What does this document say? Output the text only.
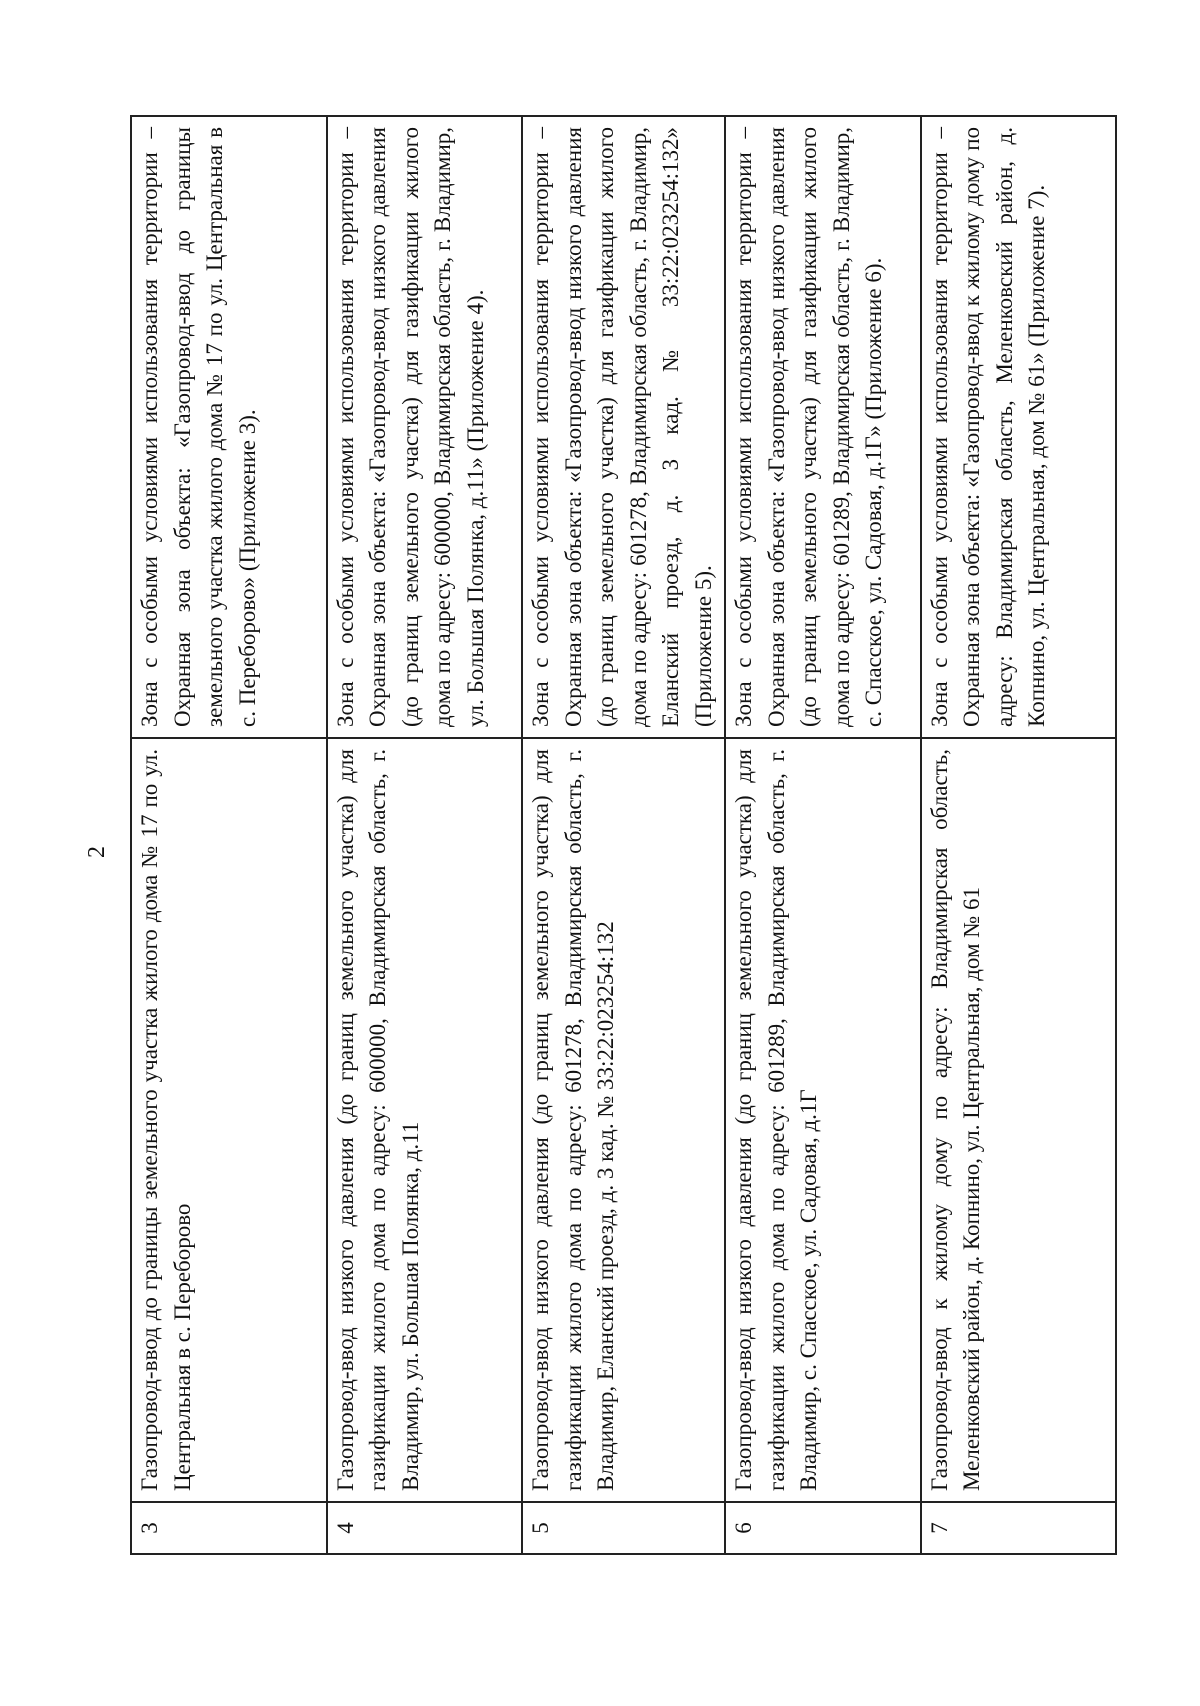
2
3	Газопровод-ввод до границы земельного участка жилого дома № 17 по ул. Центральная в с. Переборово	Зона с особыми условиями использования территории – Охранная зона объекта: «Газопровод-ввод до границы земельного участка жилого дома № 17 по ул. Центральная в с. Переборово» (Приложение 3).
4	Газопровод-ввод низкого давления (до границ земельного участка) для газификации жилого дома по адресу: 600000, Владимирская область, г. Владимир, ул. Большая Полянка, д.11	Зона с особыми условиями использования территории – Охранная зона объекта: «Газопровод-ввод низкого давления (до границ земельного участка) для газификации жилого дома по адресу: 600000, Владимирская область, г. Владимир, ул. Большая Полянка, д.11» (Приложение 4).
5	Газопровод-ввод низкого давления (до границ земельного участка) для газификации жилого дома по адресу: 601278, Владимирская область, г. Владимир, Еланский проезд, д. 3 кад. № 33:22:023254:132	Зона с особыми условиями использования территории – Охранная зона объекта: «Газопровод-ввод низкого давления (до границ земельного участка) для газификации жилого дома по адресу: 601278, Владимирская область, г. Владимир, Еланский проезд, д. 3 кад. № 33:22:023254:132» (Приложение 5).
6	Газопровод-ввод низкого давления (до границ земельного участка) для газификации жилого дома по адресу: 601289, Владимирская область, г. Владимир, с. Спасское, ул. Садовая, д.1Г	Зона с особыми условиями использования территории – Охранная зона объекта: «Газопровод-ввод низкого давления (до границ земельного участка) для газификации жилого дома по адресу: 601289, Владимирская область, г. Владимир, с. Спасское, ул. Садовая, д.1Г» (Приложение 6).
7	Газопровод-ввод к жилому дому по адресу: Владимирская область, Меленковский район, д. Копнино, ул. Центральная, дом № 61	Зона с особыми условиями использования территории – Охранная зона объекта: «Газопровод-ввод к жилому дому по адресу: Владимирская область, Меленковский район, д. Копнино, ул. Центральная, дом № 61» (Приложение 7).
